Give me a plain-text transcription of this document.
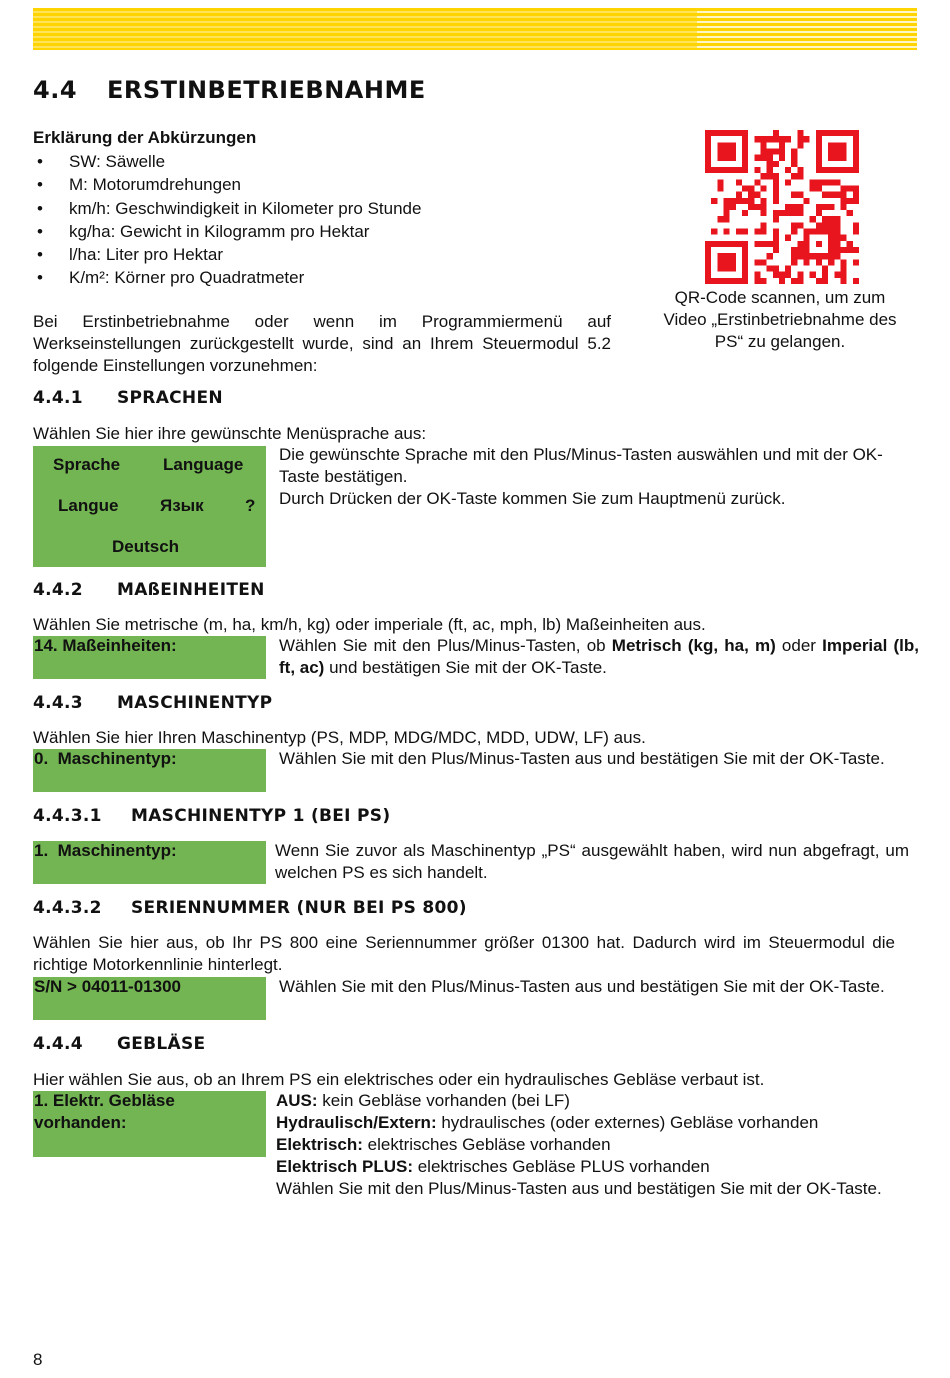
4.4 ERSTINBETRIEBNAHME
Erklärung der Abkürzungen
• SW: Säwelle
• M: Motorumdrehungen
• km/h: Geschwindigkeit in Kilometer pro Stunde
• kg/ha: Gewicht in Kilogramm pro Hektar
• l/ha: Liter pro Hektar
• K/m²: Körner pro Quadratmeter
Bei Erstinbetriebnahme oder wenn im Programmiermenü auf Werkseinstellungen zurückgestellt wurde, sind an Ihrem Steuermodul 5.2 folgende Einstellungen vorzunehmen:
QR-Code scannen, um zum Video „Erstinbetriebnahme des PS“ zu gelangen.
4.4.1 SPRACHEN
Wählen Sie hier ihre gewünschte Menüsprache aus:
Sprache	Language
Langue Язык ?
Deutsch
Die gewünschte Sprache mit den Plus/Minus-Tasten auswählen und mit der OK-Taste bestätigen.
Durch Drücken der OK-Taste kommen Sie zum Hauptmenü zurück.
4.4.2 MAßEINHEITEN
Wählen Sie metrische (m, ha, km/h, kg) oder imperiale (ft, ac, mph, lb) Maßeinheiten aus.
14. Maßeinheiten:	Wählen Sie mit den Plus/Minus-Tasten, ob Metrisch (kg, ha, m) oder Imperial (lb, ft, ac) und bestätigen Sie mit der OK-Taste.
4.4.3 MASCHINENTYP
Wählen Sie hier Ihren Maschinentyp (PS, MDP, MDG/MDC, MDD, UDW, LF) aus.
0.  Maschinentyp:	Wählen Sie mit den Plus/Minus-Tasten aus und bestätigen Sie mit der OK-Taste.
4.4.3.1 MASCHINENTYP 1 (BEI PS)
1.  Maschinentyp:	Wenn Sie zuvor als Maschinentyp „PS“ ausgewählt haben, wird nun abgefragt, um welchen PS es sich handelt.
4.4.3.2 SERIENNUMMER (NUR BEI PS 800)
Wählen Sie hier aus, ob Ihr PS 800 eine Seriennummer größer 01300 hat. Dadurch wird im Steuermodul die richtige Motorkennlinie hinterlegt.
S/N > 04011-01300	Wählen Sie mit den Plus/Minus-Tasten aus und bestätigen Sie mit der OK-Taste.
4.4.4 GEBLÄSE
Hier wählen Sie aus, ob an Ihrem PS ein elektrisches oder ein hydraulisches Gebläse verbaut ist.
1. Elektr. Gebläse
vorhanden:
AUS: kein Gebläse vorhanden (bei LF)
Hydraulisch/Extern: hydraulisches (oder externes) Gebläse vorhanden
Elektrisch: elektrisches Gebläse vorhanden
Elektrisch PLUS: elektrisches Gebläse PLUS vorhanden
Wählen Sie mit den Plus/Minus-Tasten aus und bestätigen Sie mit der OK-Taste.
8
